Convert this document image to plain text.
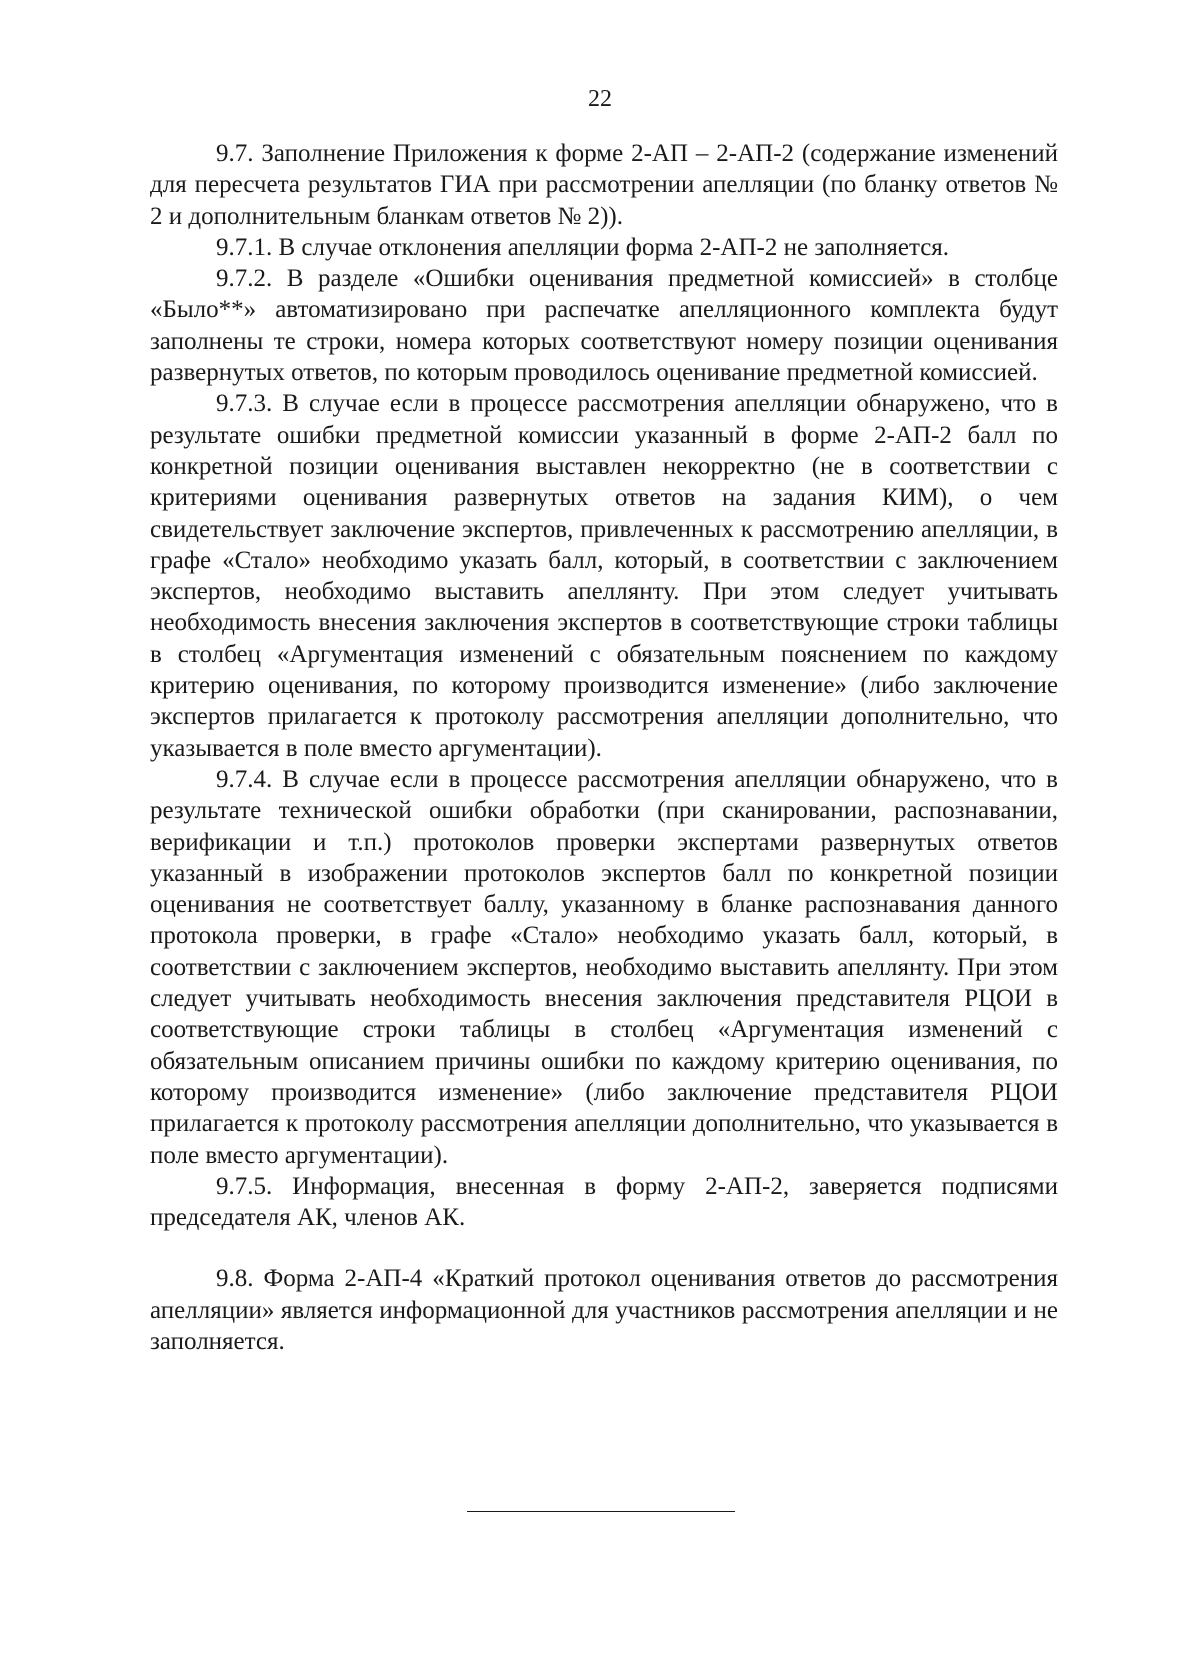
22

9.7. Заполнение Приложения к форме 2-АП – 2-АП-2 (содержание изменений для пересчета результатов ГИА при рассмотрении апелляции (по бланку ответов № 2 и дополнительным бланкам ответов № 2)).

9.7.1. В случае отклонения апелляции форма 2-АП-2 не заполняется.

9.7.2. В разделе «Ошибки оценивания предметной комиссией» в столбце «Было**» автоматизировано при распечатке апелляционного комплекта будут заполнены те строки, номера которых соответствуют номеру позиции оценивания развернутых ответов, по которым проводилось оценивание предметной комиссией.

9.7.3. В случае если в процессе рассмотрения апелляции обнаружено, что в результате ошибки предметной комиссии указанный в форме 2-АП-2 балл по конкретной позиции оценивания выставлен некорректно (не в соответствии с критериями оценивания развернутых ответов на задания КИМ), о чем свидетельствует заключение экспертов, привлеченных к рассмотрению апелляции, в графе «Стало» необходимо указать балл, который, в соответствии с заключением экспертов, необходимо выставить апеллянту. При этом следует учитывать необходимость внесения заключения экспертов в соответствующие строки таблицы в столбец «Аргументация изменений с обязательным пояснением по каждому критерию оценивания, по которому производится изменение» (либо заключение экспертов прилагается к протоколу рассмотрения апелляции дополнительно, что указывается в поле вместо аргументации).

9.7.4. В случае если в процессе рассмотрения апелляции обнаружено, что в результате технической ошибки обработки (при сканировании, распознавании, верификации и т.п.) протоколов проверки экспертами развернутых ответов указанный в изображении протоколов экспертов балл по конкретной позиции оценивания не соответствует баллу, указанному в бланке распознавания данного протокола проверки, в графе «Стало» необходимо указать балл, который, в соответствии с заключением экспертов, необходимо выставить апеллянту. При этом следует учитывать необходимость внесения заключения представителя РЦОИ в соответствующие строки таблицы в столбец «Аргументация изменений с обязательным описанием причины ошибки по каждому критерию оценивания, по которому производится изменение» (либо заключение представителя РЦОИ прилагается к протоколу рассмотрения апелляции дополнительно, что указывается в поле вместо аргументации).

9.7.5. Информация, внесенная в форму 2-АП-2, заверяется подписями председателя АК, членов АК.

9.8. Форма 2-АП-4 «Краткий протокол оценивания ответов до рассмотрения апелляции» является информационной для участников рассмотрения апелляции и не заполняется.
